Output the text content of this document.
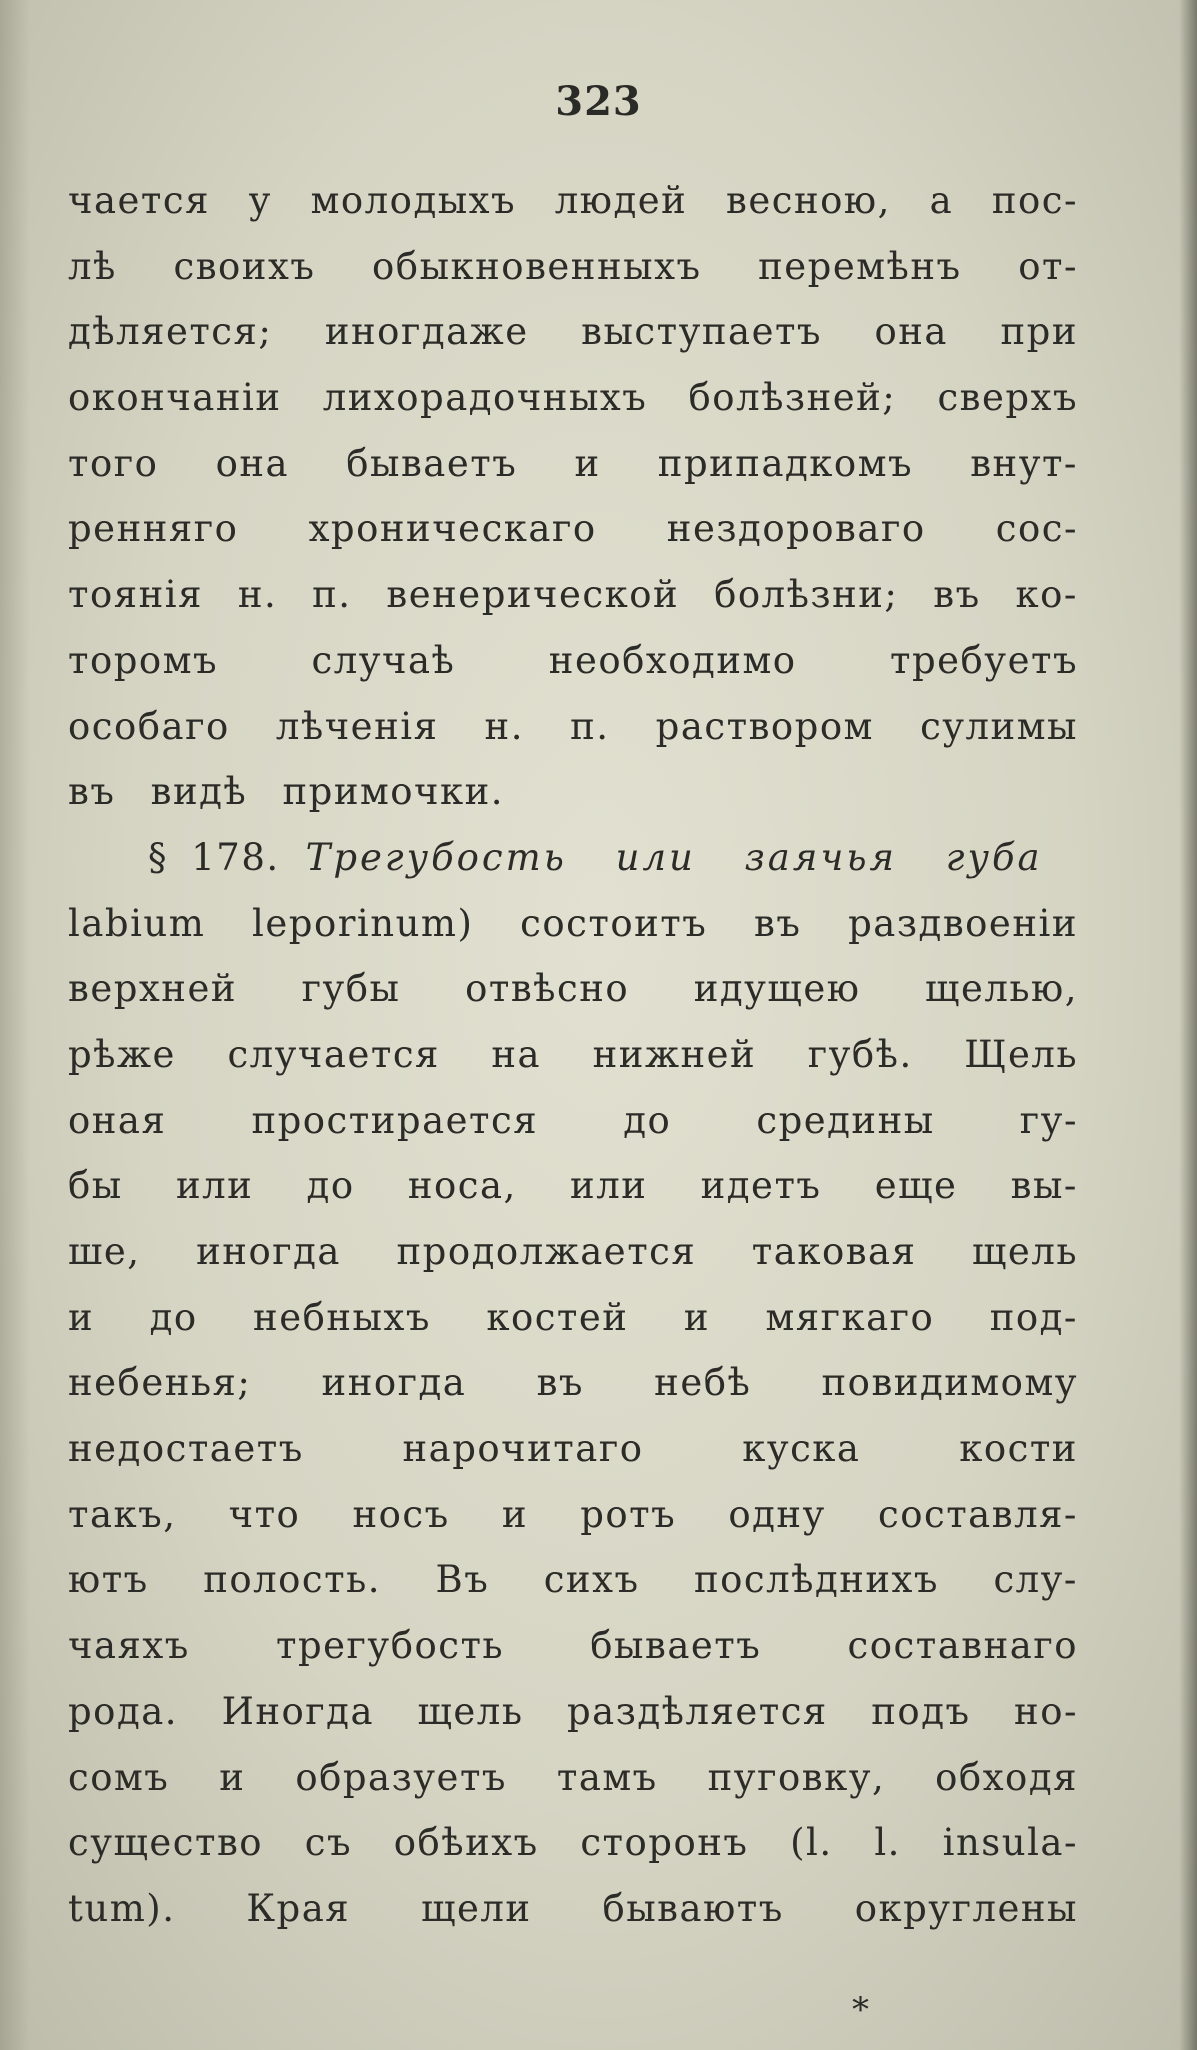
323
чается у молодыхъ людей весною, а пос-
лѣ своихъ обыкновенныхъ перемѣнъ от-
дѣляется; иногдаже выступаетъ она при
окончаніи лихорадочныхъ болѣзней; сверхъ
того она бываетъ и припадкомъ внут-
ренняго хроническаго нездороваго сос-
тоянія н. п. венерической болѣзни; въ ко-
торомъ	случаѣ	необходимо	требуетъ
особаго лѣченія н. п. раствором сулимы
въ видѣ примочки.
§ 178. Трегубость или заячья губа
labium leporinum) состоитъ въ раздвоеніи
верхней губы отвѣсно идущею щелью,
рѣже случается на нижней губѣ. Щель
оная простирается до средины гу-
бы или до носа, или идетъ еще вы-
ше, иногда продолжается таковая щель
и до небныхъ костей и мягкаго под-
небенья; иногда въ небѣ повидимому
недостаетъ	нарочитаго	куска	кости
такъ, что носъ и ротъ одну составля-
ютъ полость. Въ сихъ послѣднихъ слу-
чаяхъ трегубость бываетъ составнаго
рода. Иногда щель раздѣляется подъ но-
сомъ и образуетъ тамъ пуговку, обходя
существо съ обѣихъ сторонъ (l. l. insula-
tum). Края щели бываютъ округлены
*
